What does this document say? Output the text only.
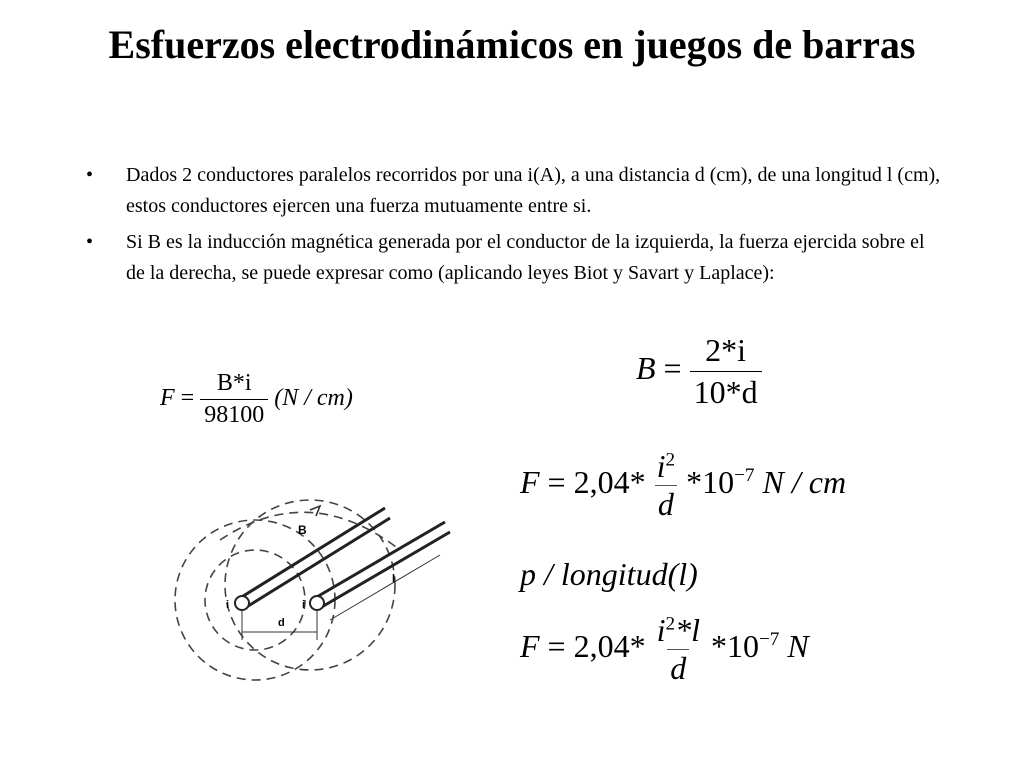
Esfuerzos electrodinámicos en juegos de barras
• Dados 2 conductores paralelos recorridos por una i(A), a una distancia d (cm), de una longitud l (cm), estos conductores ejercen una fuerza mutuamente entre si.
• Si B es la inducción magnética generada por el conductor de la izquierda, la fuerza ejercida sobre el de la derecha, se puede expresar como (aplicando leyes Biot y Savart y Laplace):
$B = \frac{2*i}{10*d}$
$F = \frac{B*i}{98100} (N / cm)$
$F = 2,04* \frac{i^2}{d} *10^{-7}$ N / cm
p / longitud(l)
$F = 2,04* \frac{i^2*l}{d} *10^{-7}$ N
B
i	i
d
l
